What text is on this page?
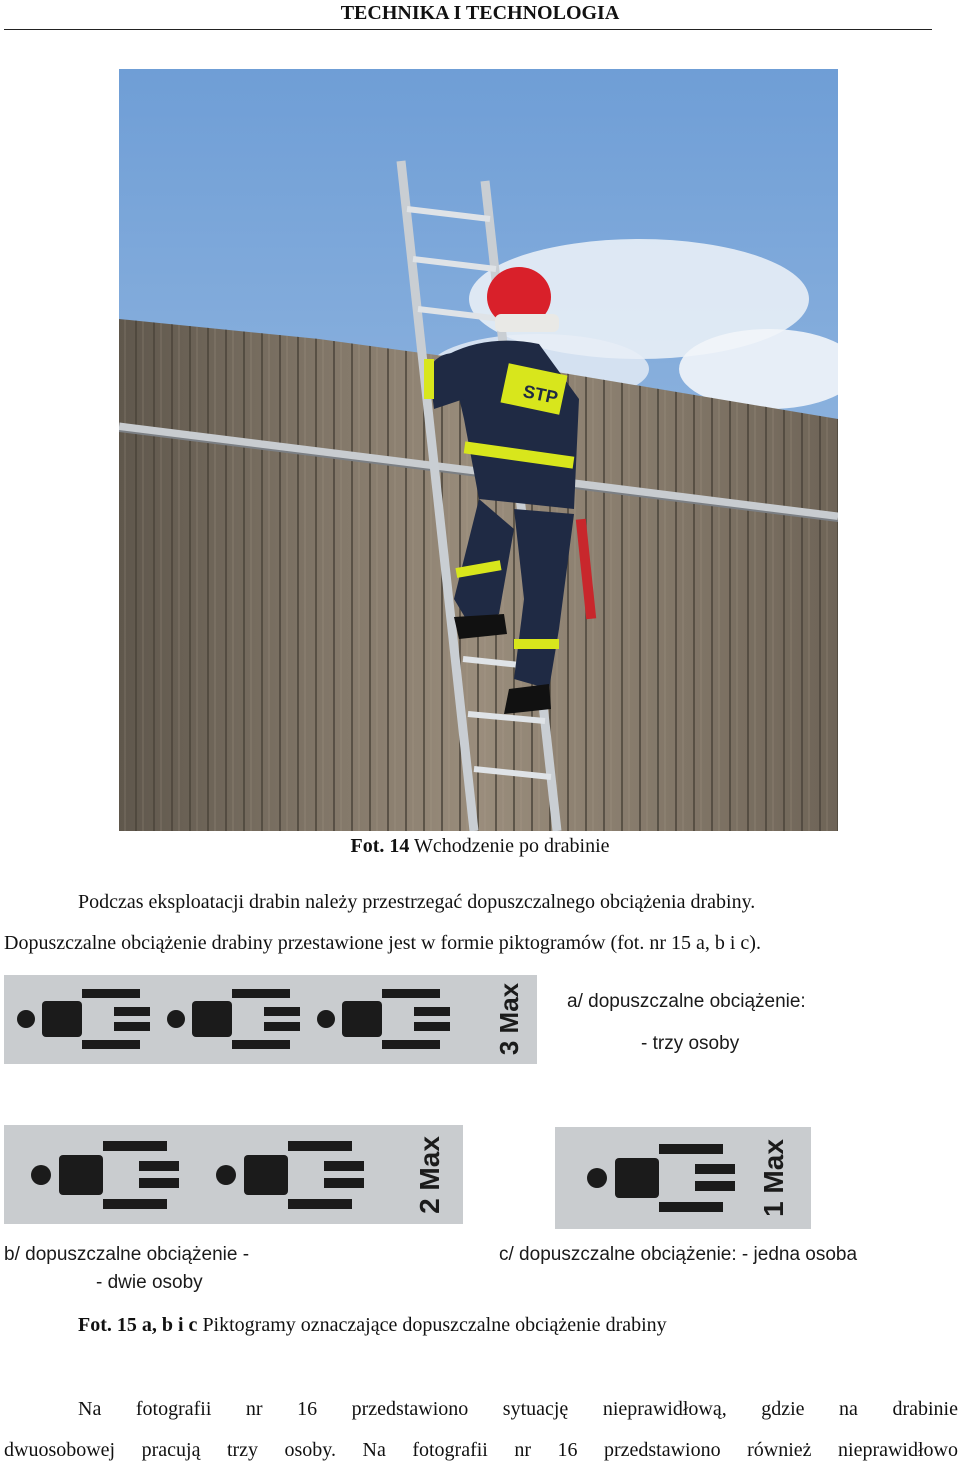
TECHNIKA I TECHNOLOGIA
STP
Fot. 14 Wchodzenie po drabinie
Podczas eksploatacji drabin należy przestrzegać dopuszczalnego obciążenia drabiny.
Dopuszczalne obciążenie drabiny przestawione jest w formie piktogramów (fot. nr 15 a, b i c).
3 Max a/ dopuszczalne obciążenie:
- trzy osoby
2 Max	1 Max
b/ dopuszczalne obciążenie -
- dwie osoby
c/ dopuszczalne obciążenie: - jedna osoba
Fot. 15 a, b i c Piktogramy oznaczające dopuszczalne obciążenie drabiny
Na fotografii nr 16 przedstawiono sytuację nieprawidłową, gdzie na drabinie
dwuosobowej pracują trzy osoby. Na fotografii nr 16 przedstawiono również nieprawidłowo
